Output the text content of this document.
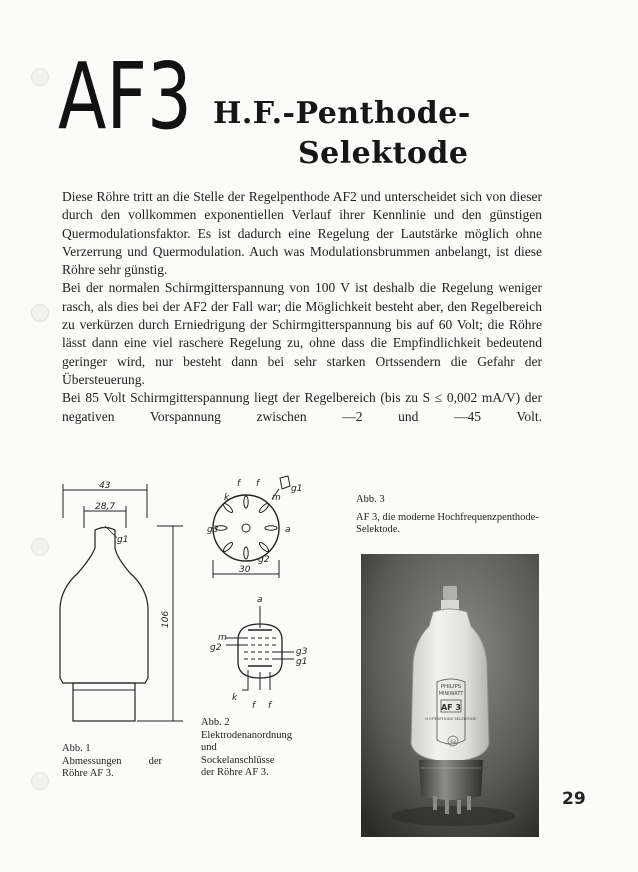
AF3 H.F.-Penthode-
Selektode

Diese Röhre tritt an die Stelle der Regelpenthode AF2 und unterscheidet sich von dieser durch den vollkommen exponentiellen Verlauf ihrer Kennlinie und den günstigen Quermodulationsfaktor. Es ist dadurch eine Regelung der Lautstärke möglich ohne Verzerrung und Quermodulation. Auch was Modulationsbrummen anbelangt, ist diese Röhre sehr günstig.

Bei der normalen Schirmgitterspannung von 100 V ist deshalb die Regelung weniger rasch, als dies bei der AF2 der Fall war; die Möglichkeit besteht aber, den Regelbereich zu verkürzen durch Erniedrigung der Schirmgitterspannung bis auf 60 Volt; die Röhre lässt dann eine viel raschere Regelung zu, ohne dass die Empfindlichkeit bedeutend geringer wird, nur besteht dann bei sehr starken Ortssendern die Gefahr der Übersteuerung.

Bei 85 Volt Schirmgitterspannung liegt der Regelbereich (bis zu S ≤ 0,002 mA/V) der negativen Vorspannung zwischen —2 und —45 Volt.

43
28,7
g1
106
Abb. 1
Abmessungen der Röhre AF 3.
f f
k	m
g1
g3	a
g2
30
a
m
g2	g3
g1
k
f f
Abb. 2
Elektrodenanordnung und Sockelanschlüsse der Röhre AF 3.
Abb. 3
AF 3, die moderne Hochfrequenzpenthode-Selektode.
PHILIPS
MINIWATT
AF 3
H.F.PENTHODE SELEKTODE
43
29
